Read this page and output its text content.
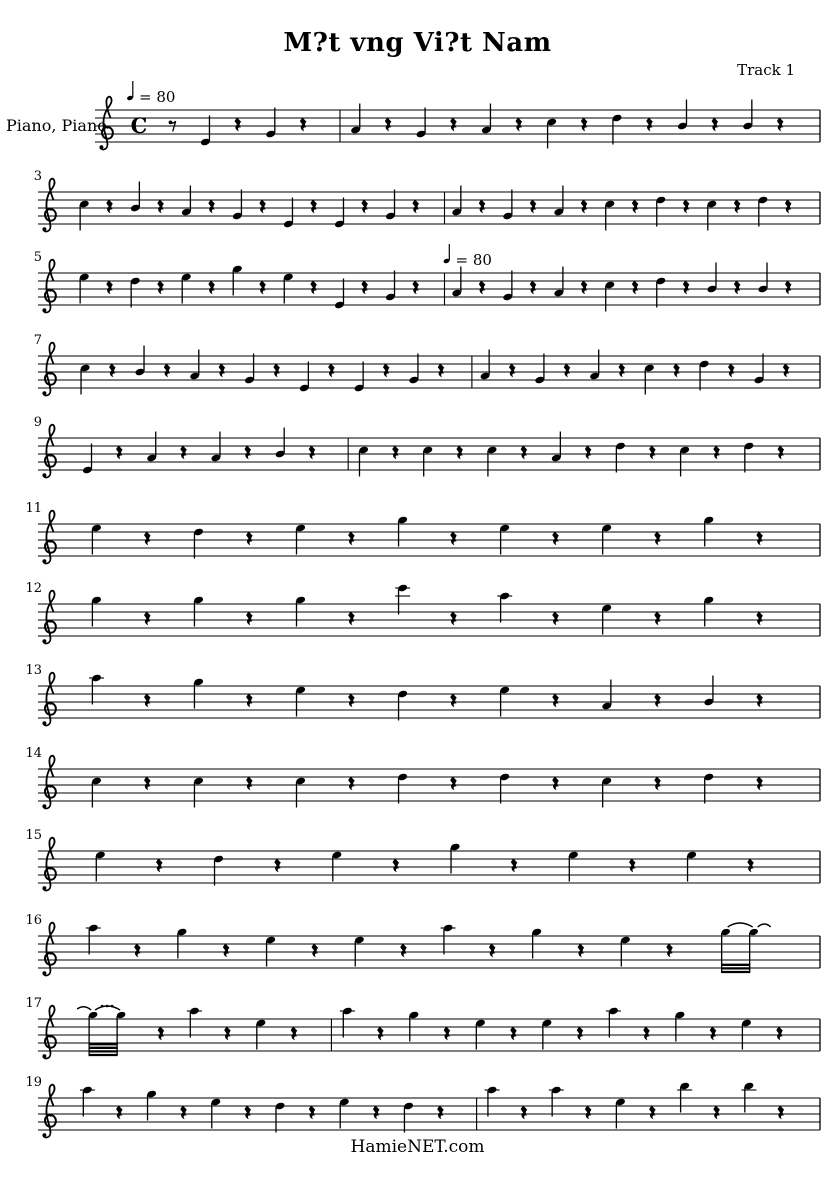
M?t vng Vi?t Nam
Track 1
Piano, Piano C
= 80
3
5	= 80
7
9
11
12
13
14
15
16
17
19
HamieNET.com
